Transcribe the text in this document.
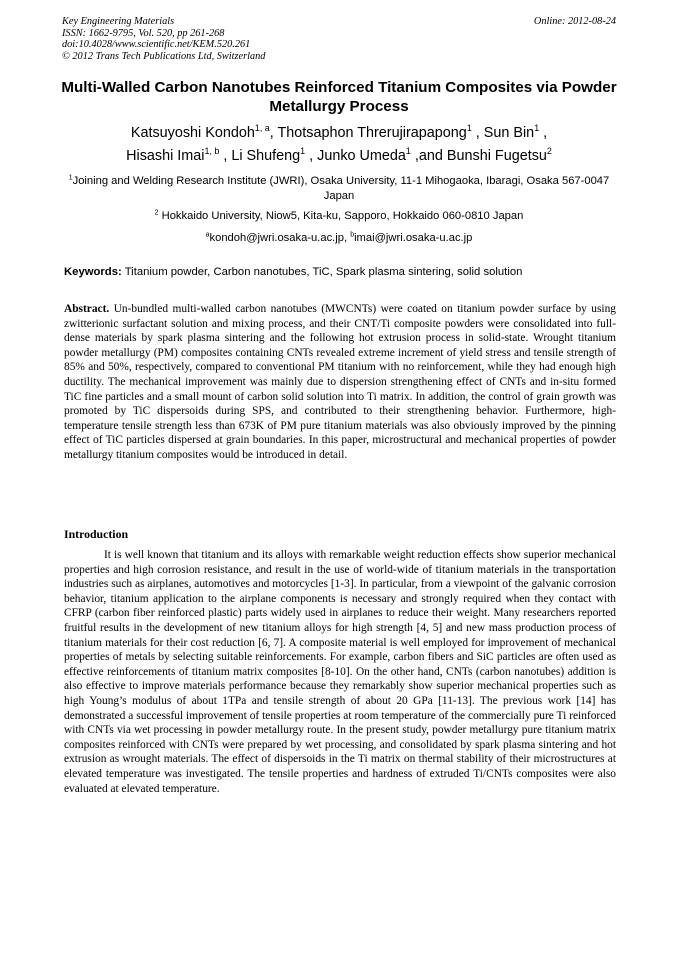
Key Engineering Materials
ISSN: 1662-9795, Vol. 520, pp 261-268
doi:10.4028/www.scientific.net/KEM.520.261
© 2012 Trans Tech Publications Ltd, Switzerland
Online: 2012-08-24
Multi-Walled Carbon Nanotubes Reinforced Titanium Composites via Powder Metallurgy Process
Katsuyoshi Kondoh$^{1, a}$, Thotsaphon Threrujirapapong$^1$ , Sun Bin$^1$ ,
Hisashi Imai$^{1, b}$ , Li Shufeng$^1$ , Junko Umeda$^1$ ,and Bunshi Fugetsu$^2$
$^1$Joining and Welding Research Institute (JWRI), Osaka University, 11-1 Mihogaoka, Ibaragi, Osaka 567-0047 Japan
$^2$ Hokkaido University, Niow5, Kita-ku, Sapporo, Hokkaido 060-0810 Japan
$^a$kondoh@jwri.osaka-u.ac.jp, $^b$imai@jwri.osaka-u.ac.jp
Keywords: Titanium powder, Carbon nanotubes, TiC, Spark plasma sintering, solid solution
Abstract. Un-bundled multi-walled carbon nanotubes (MWCNTs) were coated on titanium powder surface by using zwitterionic surfactant solution and mixing process, and their CNT/Ti composite powders were consolidated into full-dense materials by spark plasma sintering and the following hot extrusion process in solid-state. Wrought titanium powder metallurgy (PM) composites containing CNTs revealed extreme increment of yield stress and tensile strength of 85% and 50%, respectively, compared to conventional PM titanium with no reinforcement, while they had enough high ductility. The mechanical improvement was mainly due to dispersion strengthening effect of CNTs and in-situ formed TiC fine particles and a small mount of carbon solid solution into Ti matrix. In addition, the control of grain growth was promoted by TiC dispersoids during SPS, and contributed to their strengthening behavior. Furthermore, high-temperature tensile strength less than 673K of PM pure titanium materials was also obviously improved by the pinning effect of TiC particles dispersed at grain boundaries. In this paper, microstructural and mechanical properties of powder metallurgy titanium composites would be introduced in detail.
Introduction
It is well known that titanium and its alloys with remarkable weight reduction effects show superior mechanical properties and high corrosion resistance, and result in the use of world-wide of titanium materials in the transportation industries such as airplanes, automotives and motorcycles [1-3]. In particular, from a viewpoint of the galvanic corrosion behavior, titanium application to the airplane components is necessary and strongly required when they contact with CFRP (carbon fiber reinforced plastic) parts widely used in airplanes to reduce their weight. Many researchers reported fruitful results in the development of new titanium alloys for high strength [4, 5] and new mass production process of titanium materials for their cost reduction [6, 7]. A composite material is well employed for improvement of mechanical properties of metals by selecting suitable reinforcements. For example, carbon fibers and SiC particles are often used as effective reinforcements of titanium matrix composites [8-10]. On the other hand, CNTs (carbon nanotubes) addition is also effective to improve materials performance because they remarkably show superior mechanical properties such as high Young’s modulus of about 1TPa and tensile strength of about 20 GPa [11-13]. The previous work [14] has demonstrated a successful improvement of tensile properties at room temperature of the commercially pure Ti reinforced with CNTs via wet processing in powder metallurgy route. In the present study, powder metallurgy pure titanium matrix composites reinforced with CNTs were prepared by wet processing, and consolidated by spark plasma sintering and hot extrusion as wrought materials. The effect of dispersoids in the Ti matrix on thermal stability of their microstructures at elevated temperature was investigated. The tensile properties and hardness of extruded Ti/CNTs composites were also evaluated at elevated temperature.
